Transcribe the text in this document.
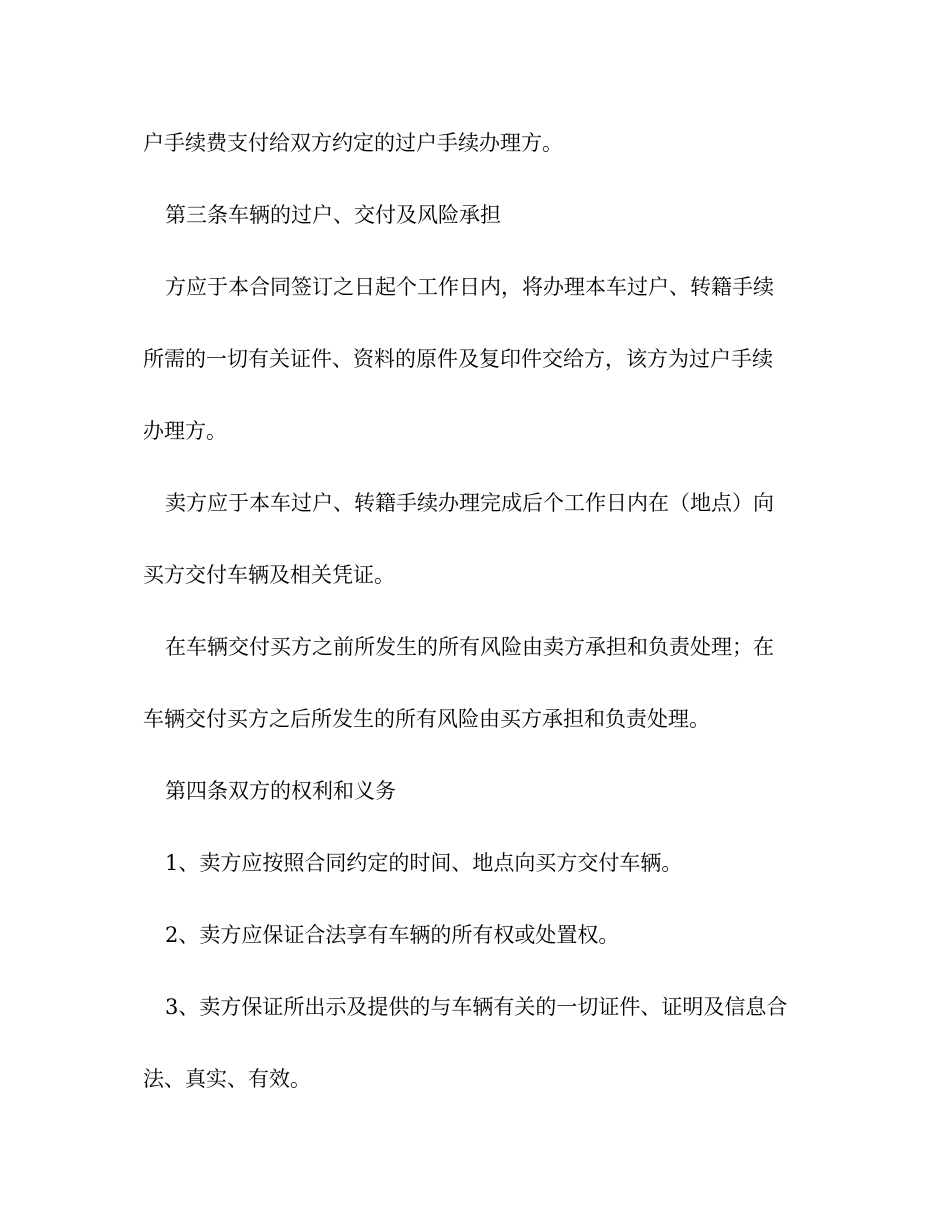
户手续费支付给双方约定的过户手续办理方。
第三条车辆的过户、交付及风险承担
方应于本合同签订之日起个工作日内，将办理本车过户、转籍手续
所需的一切有关证件、资料的原件及复印件交给方，该方为过户手续
办理方。
卖方应于本车过户、转籍手续办理完成后个工作日内在（地点）向
买方交付车辆及相关凭证。
在车辆交付买方之前所发生的所有风险由卖方承担和负责处理；在
车辆交付买方之后所发生的所有风险由买方承担和负责处理。
第四条双方的权利和义务
1、卖方应按照合同约定的时间、地点向买方交付车辆。
2、卖方应保证合法享有车辆的所有权或处置权。
3、卖方保证所出示及提供的与车辆有关的一切证件、证明及信息合
法、真实、有效。
